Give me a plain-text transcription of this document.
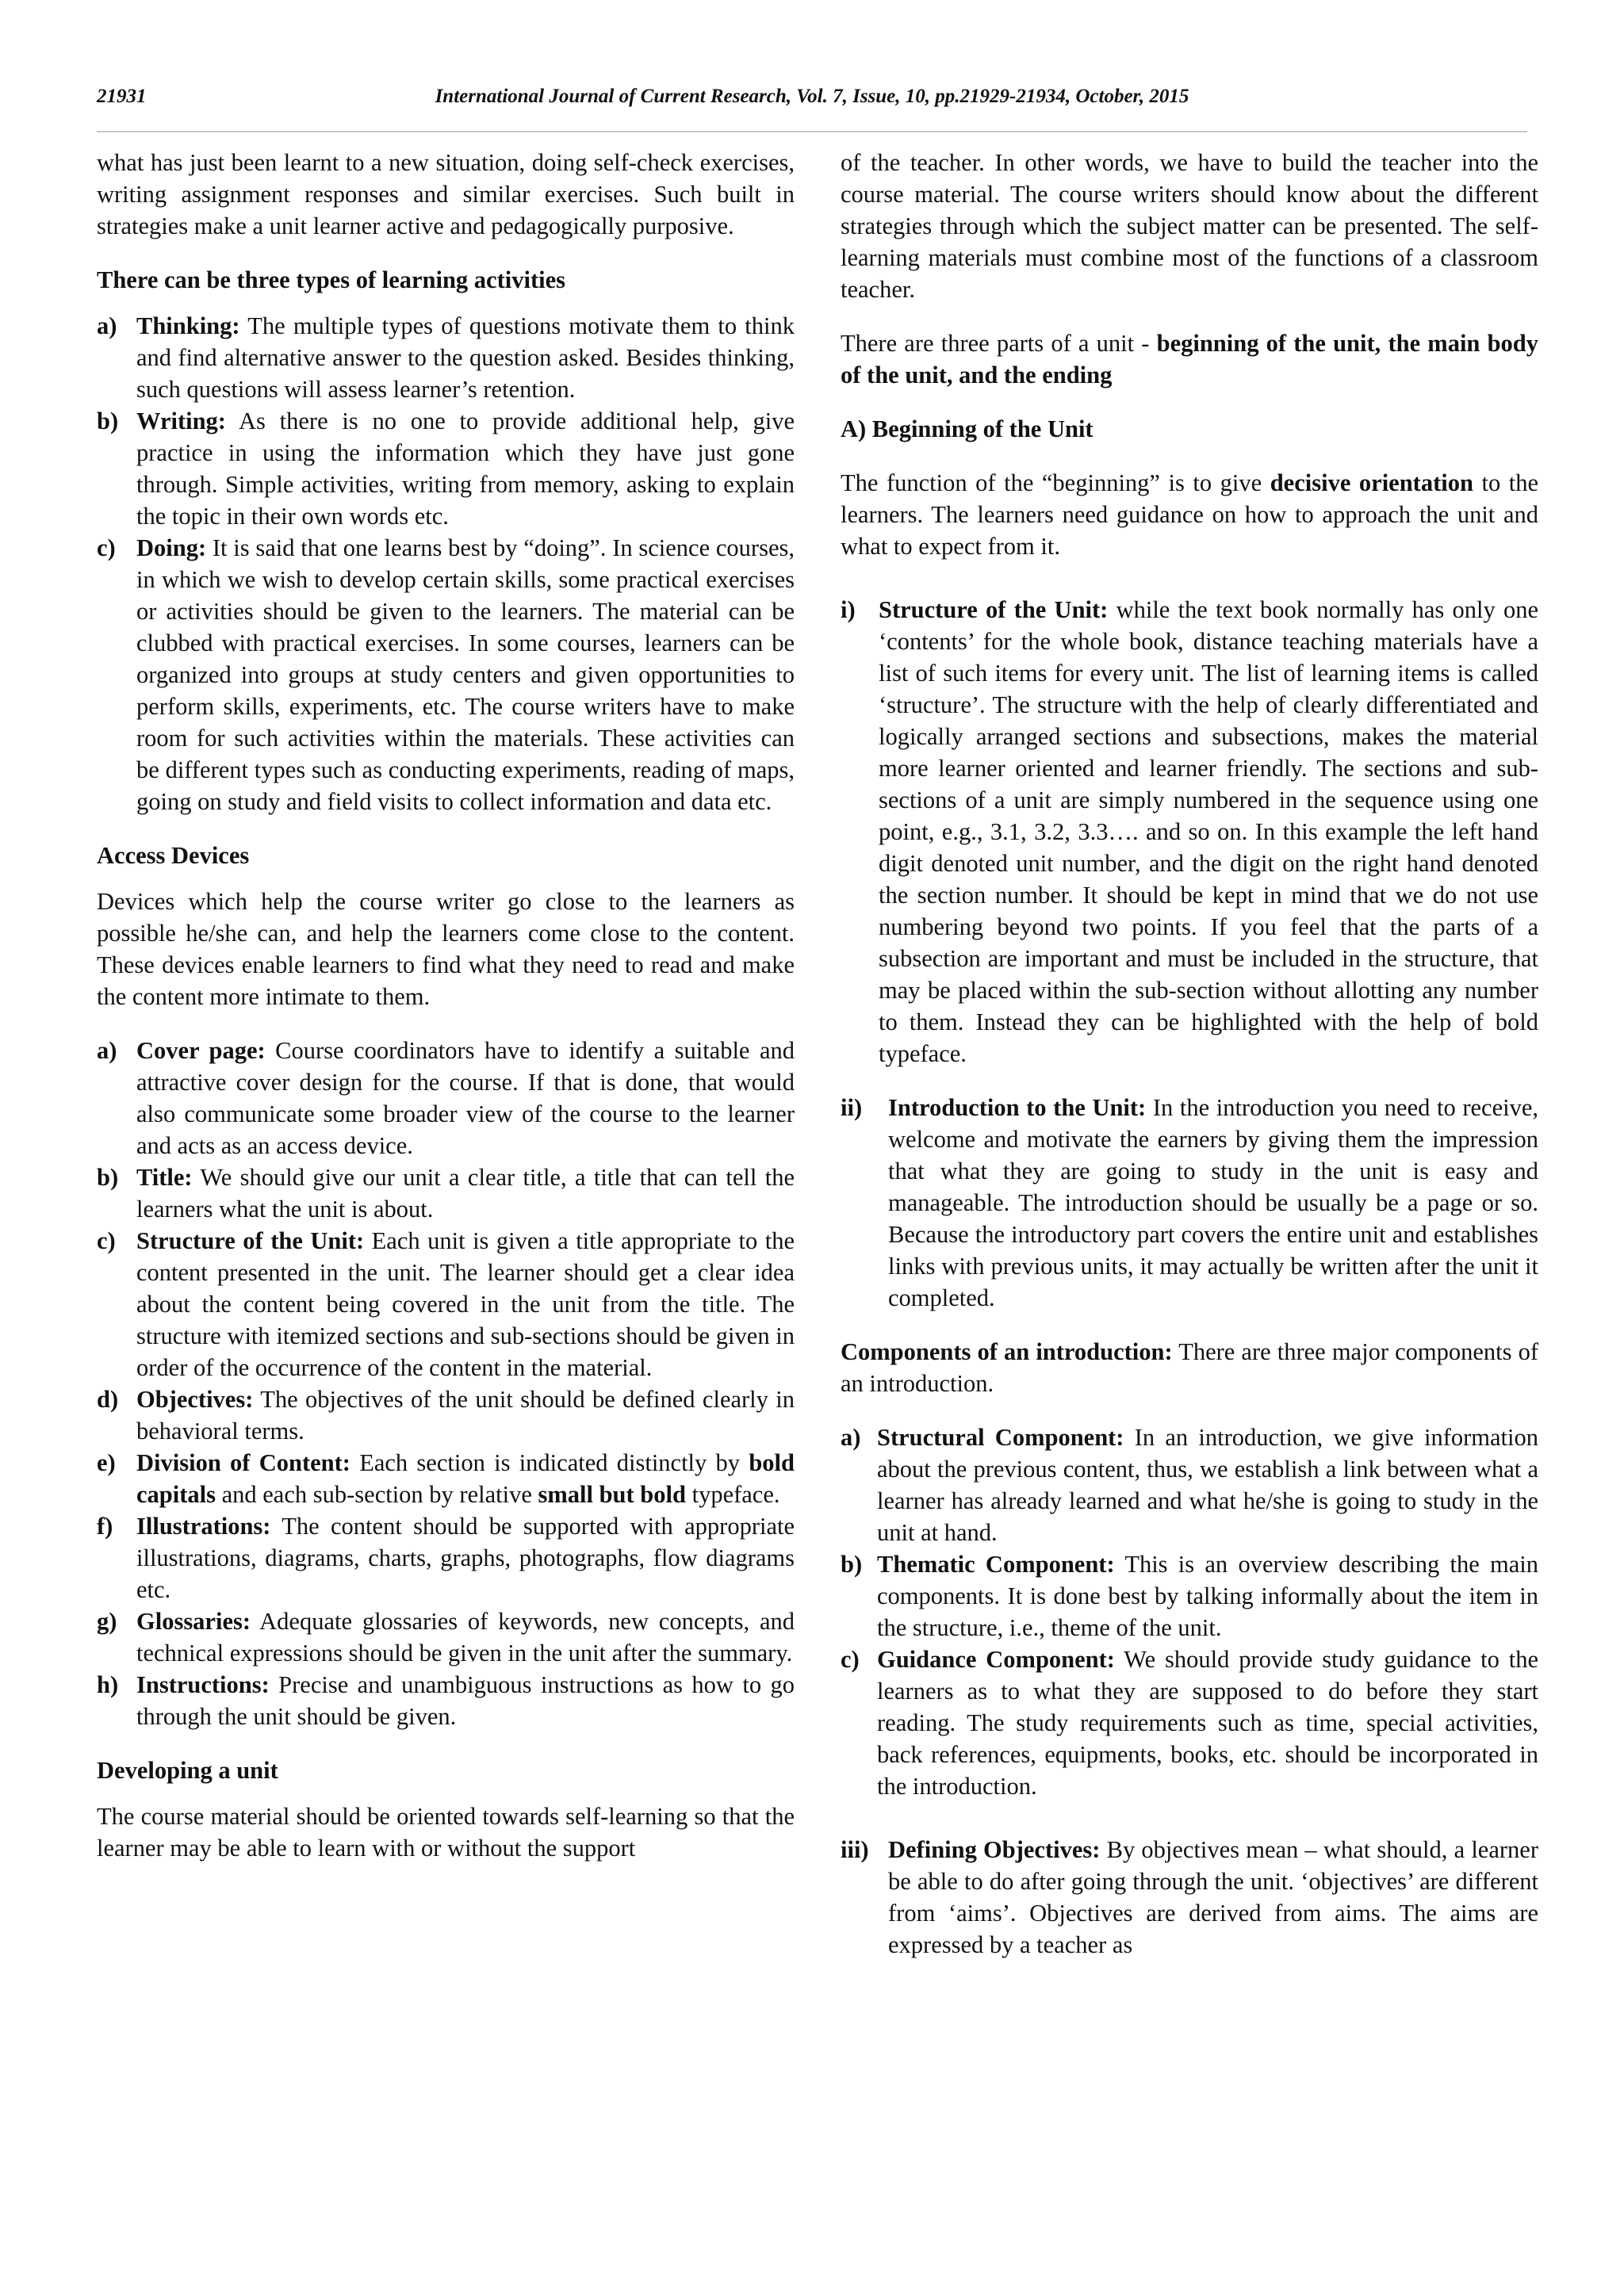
21931	International Journal of Current Research, Vol. 7, Issue, 10, pp.21929-21934, October, 2015

what has just been learnt to a new situation, doing self-check exercises, writing assignment responses and similar exercises. Such built in strategies make a unit learner active and pedagogically purposive.

There can be three types of learning activities

a) Thinking: The multiple types of questions motivate them to think and find alternative answer to the question asked. Besides thinking, such questions will assess learner’s retention.
b) Writing: As there is no one to provide additional help, give practice in using the information which they have just gone through. Simple activities, writing from memory, asking to explain the topic in their own words etc.
c) Doing: It is said that one learns best by “doing”. In science courses, in which we wish to develop certain skills, some practical exercises or activities should be given to the learners. The material can be clubbed with practical exercises. In some courses, learners can be organized into groups at study centers and given opportunities to perform skills, experiments, etc. The course writers have to make room for such activities within the materials. These activities can be different types such as conducting experiments, reading of maps, going on study and field visits to collect information and data etc.

Access Devices

Devices which help the course writer go close to the learners as possible he/she can, and help the learners come close to the content. These devices enable learners to find what they need to read and make the content more intimate to them.

a) Cover page: Course coordinators have to identify a suitable and attractive cover design for the course. If that is done, that would also communicate some broader view of the course to the learner and acts as an access device.
b) Title: We should give our unit a clear title, a title that can tell the learners what the unit is about.
c) Structure of the Unit: Each unit is given a title appropriate to the content presented in the unit. The learner should get a clear idea about the content being covered in the unit from the title. The structure with itemized sections and sub-sections should be given in order of the occurrence of the content in the material.
d) Objectives: The objectives of the unit should be defined clearly in behavioral terms.
e) Division of Content: Each section is indicated distinctly by bold capitals and each sub-section by relative small but bold typeface.
f) Illustrations: The content should be supported with appropriate illustrations, diagrams, charts, graphs, photographs, flow diagrams etc.
g) Glossaries: Adequate glossaries of keywords, new concepts, and technical expressions should be given in the unit after the summary.
h) Instructions: Precise and unambiguous instructions as how to go through the unit should be given.

Developing a unit

The course material should be oriented towards self-learning so that the learner may be able to learn with or without the support

of the teacher. In other words, we have to build the teacher into the course material. The course writers should know about the different strategies through which the subject matter can be presented. The self-learning materials must combine most of the functions of a classroom teacher.

There are three parts of a unit - beginning of the unit, the main body of the unit, and the ending

A) Beginning of the Unit

The function of the “beginning” is to give decisive orientation to the learners. The learners need guidance on how to approach the unit and what to expect from it.

i) Structure of the Unit: while the text book normally has only one ‘contents’ for the whole book, distance teaching materials have a list of such items for every unit. The list of learning items is called ‘structure’. The structure with the help of clearly differentiated and logically arranged sections and subsections, makes the material more learner oriented and learner friendly. The sections and sub-sections of a unit are simply numbered in the sequence using one point, e.g., 3.1, 3.2, 3.3…. and so on. In this example the left hand digit denoted unit number, and the digit on the right hand denoted the section number. It should be kept in mind that we do not use numbering beyond two points. If you feel that the parts of a subsection are important and must be included in the structure, that may be placed within the sub-section without allotting any number to them. Instead they can be highlighted with the help of bold typeface.
ii)	Introduction to the Unit: In the introduction you need to receive, welcome and motivate the earners by giving them the impression that what they are going to study in the unit is easy and manageable. The introduction should be usually be a page or so. Because the introductory part covers the entire unit and establishes links with previous units, it may actually be written after the unit it completed.

Components of an introduction: There are three major components of an introduction.

a) Structural Component: In an introduction, we give information about the previous content, thus, we establish a link between what a learner has already learned and what he/she is going to study in the unit at hand.
b) Thematic Component: This is an overview describing the main components. It is done best by talking informally about the item in the structure, i.e., theme of the unit.
c) Guidance Component: We should provide study guidance to the learners as to what they are supposed to do before they start reading. The study requirements such as time, special activities, back references, equipments, books, etc. should be incorporated in the introduction.
iii) Defining Objectives: By objectives mean – what should, a learner be able to do after going through the unit. ‘objectives’ are different from ‘aims’. Objectives are derived from aims. The aims are expressed by a teacher as
